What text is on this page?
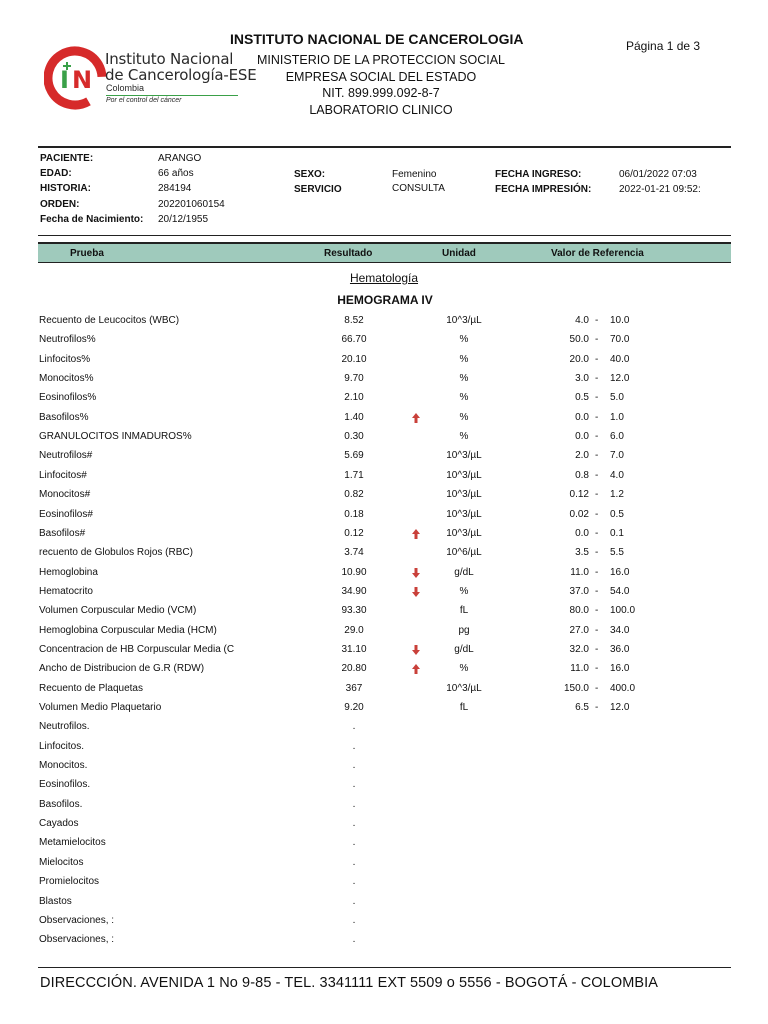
I N
Instituto Nacional
de Cancerología-ESE
Colombia
Por el control del cáncer
INSTITUTO NACIONAL DE CANCEROLOGIA	Página 1 de 3
MINISTERIO DE LA PROTECCION SOCIAL
EMPRESA SOCIAL DEL ESTADO
NIT. 899.999.092-8-7
LABORATORIO CLINICO
PACIENTE:	ARANGO
EDAD:	66 años
HISTORIA:	284194
ORDEN:	202201060154
Fecha de Nacimiento: 20/12/1955
SEXO:	Femenino
SERVICIO	CONSULTA
FECHA INGRESO:	06/01/2022 07:03
FECHA IMPRESIÓN:	2022-01-21 09:52:
Prueba	Resultado	Unidad	Valor de Referencia
Hematología
HEMOGRAMA IV
Recuento de Leucocitos (WBC)	8.52	10^3/µL	4.0 - 10.0
Neutrofilos%	66.70	%	50.0 - 70.0
Linfocitos%	20.10	%	20.0 - 40.0
Monocitos%	9.70	%	3.0 - 12.0
Eosinofilos%	2.10	%	0.5 - 5.0
Basofilos%	1.40	%	0.0 - 1.0
GRANULOCITOS INMADUROS%	0.30	%	0.0 - 6.0
Neutrofilos#	5.69	10^3/µL	2.0 - 7.0
Linfocitos#	1.71	10^3/µL	0.8 - 4.0
Monocitos#	0.82	10^3/µL	0.12 - 1.2
Eosinofilos#	0.18	10^3/µL	0.02 - 0.5
Basofilos#	0.12	10^3/µL	0.0 - 0.1
recuento de Globulos Rojos (RBC)	3.74	10^6/µL	3.5 - 5.5
Hemoglobina	10.90	g/dL	11.0 - 16.0
Hematocrito	34.90	%	37.0 - 54.0
Volumen Corpuscular Medio (VCM)	93.30	fL	80.0 - 100.0
Hemoglobina Corpuscular Media (HCM)	29.0	pg	27.0 - 34.0
Concentracion de HB Corpuscular Media (C	31.10	g/dL	32.0 - 36.0
Ancho de Distribucion de G.R (RDW)	20.80	%	11.0 - 16.0
Recuento de Plaquetas	367	10^3/µL	150.0 - 400.0
Volumen Medio Plaquetario	9.20	fL	6.5 - 12.0
Neutrofilos.	.
Linfocitos.	.
Monocitos.	.
Eosinofilos.	.
Basofilos.	.
Cayados	.
Metamielocitos	.
Mielocitos	.
Promielocitos	.
Blastos	.
Observaciones, :	.
Observaciones, :	.
DIRECCCIÓN. AVENIDA 1 No 9-85 - TEL. 3341111 EXT 5509 o 5556 - BOGOTÁ - COLOMBIA
